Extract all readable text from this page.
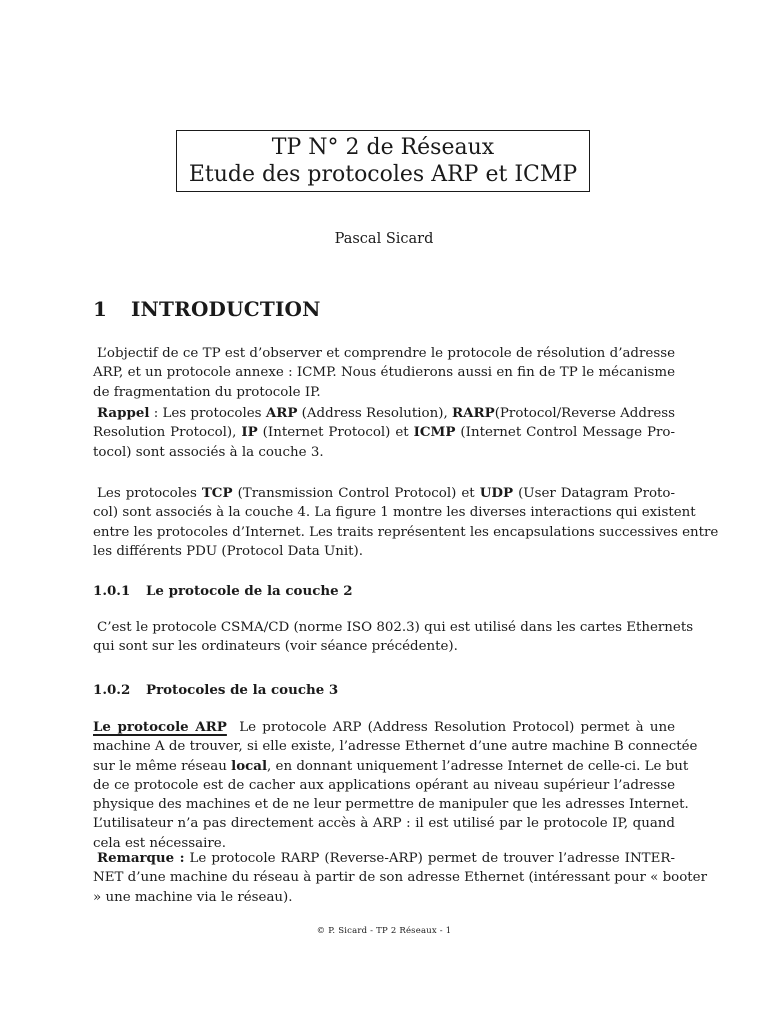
TP N° 2 de Réseaux
Etude des protocoles ARP et ICMP
Pascal Sicard
1 INTRODUCTION
L’objectif de ce TP est d’observer et comprendre le protocole de résolution d’adresse
ARP, et un protocole annexe : ICMP. Nous étudierons aussi en fin de TP le mécanisme
de fragmentation du protocole IP.
Rappel : Les protocoles ARP (Address Resolution), RARP(Protocol/Reverse Address
Resolution Protocol), IP (Internet Protocol) et ICMP (Internet Control Message Pro-
tocol) sont associés à la couche 3.
Les protocoles TCP (Transmission Control Protocol) et UDP (User Datagram Proto-
col) sont associés à la couche 4. La figure 1 montre les diverses interactions qui existent
entre les protocoles d’Internet. Les traits représentent les encapsulations successives entre
les différents PDU (Protocol Data Unit).
1.0.1 Le protocole de la couche 2
C’est le protocole CSMA/CD (norme ISO 802.3) qui est utilisé dans les cartes Ethernets
qui sont sur les ordinateurs (voir séance précédente).
1.0.2 Protocoles de la couche 3
Le protocole ARP  Le protocole ARP (Address Resolution Protocol) permet à une
machine A de trouver, si elle existe, l’adresse Ethernet d’une autre machine B connectée
sur le même réseau local, en donnant uniquement l’adresse Internet de celle-ci. Le but
de ce protocole est de cacher aux applications opérant au niveau supérieur l’adresse
physique des machines et de ne leur permettre de manipuler que les adresses Internet.
L’utilisateur n’a pas directement accès à ARP : il est utilisé par le protocole IP, quand
cela est nécessaire.
Remarque : Le protocole RARP (Reverse-ARP) permet de trouver l’adresse INTER-
NET d’une machine du réseau à partir de son adresse Ethernet (intéressant pour « booter
» une machine via le réseau).
© P. Sicard - TP 2 Réseaux - 1
